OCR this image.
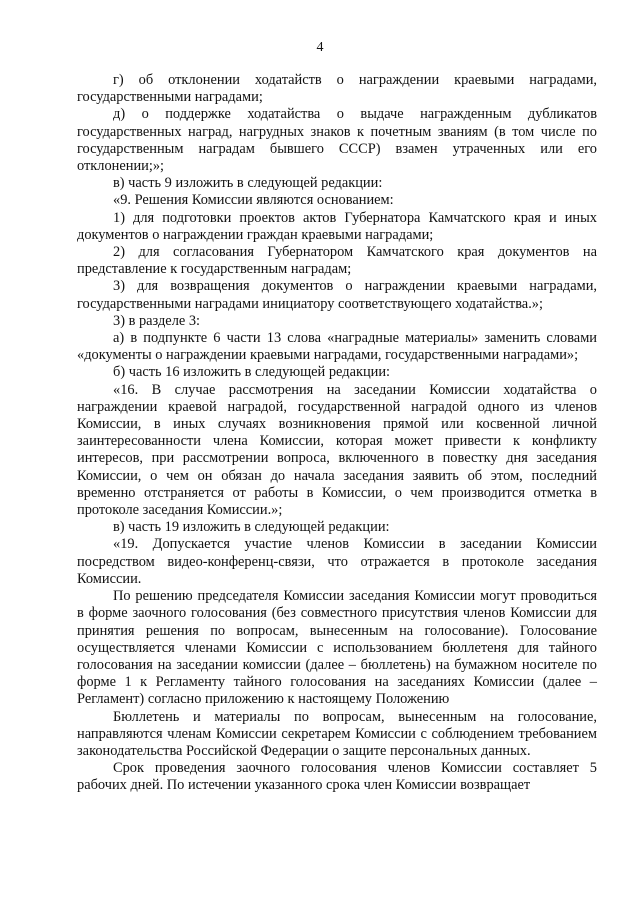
4

г) об отклонении ходатайств о награждении краевыми наградами, государственными наградами;

д) о поддержке ходатайства о выдаче награжденным дубликатов государственных наград, нагрудных знаков к почетным званиям (в том числе по государственным наградам бывшего СССР) взамен утраченных или его отклонении;»;

в) часть 9 изложить в следующей редакции:

«9. Решения Комиссии являются основанием:

1) для подготовки проектов актов Губернатора Камчатского края и иных документов о награждении граждан краевыми наградами;

2) для согласования Губернатором Камчатского края документов на представление к государственным наградам;

3) для возвращения документов о награждении краевыми наградами, государственными наградами инициатору соответствующего ходатайства.»;

3) в разделе 3:

а) в подпункте 6 части 13 слова «наградные материалы» заменить словами «документы о награждении краевыми наградами, государственными наградами»;

б) часть 16 изложить в следующей редакции:

«16. В случае рассмотрения на заседании Комиссии ходатайства о награждении краевой наградой, государственной наградой одного из членов Комиссии, в иных случаях возникновения прямой или косвенной личной заинтересованности члена Комиссии, которая может привести к конфликту интересов, при рассмотрении вопроса, включенного в повестку дня заседания Комиссии, о чем он обязан до начала заседания заявить об этом, последний временно отстраняется от работы в Комиссии, о чем производится отметка в протоколе заседания Комиссии.»;

в) часть 19 изложить в следующей редакции:

«19. Допускается участие членов Комиссии в заседании Комиссии посредством видео-конференц-связи, что отражается в протоколе заседания Комиссии.

По решению председателя Комиссии заседания Комиссии могут проводиться в форме заочного голосования (без совместного присутствия членов Комиссии для принятия решения по вопросам, вынесенным на голосование). Голосование осуществляется членами Комиссии с использованием бюллетеня для тайного голосования на заседании комиссии (далее – бюллетень) на бумажном носителе по форме 1 к Регламенту тайного голосования на заседаниях Комиссии (далее – Регламент) согласно приложению к настоящему Положению

Бюллетень и материалы по вопросам, вынесенным на голосование, направляются членам Комиссии секретарем Комиссии с соблюдением требованием законодательства Российской Федерации о защите персональных данных.

Срок проведения заочного голосования членов Комиссии составляет 5 рабочих дней. По истечении указанного срока член Комиссии возвращает
